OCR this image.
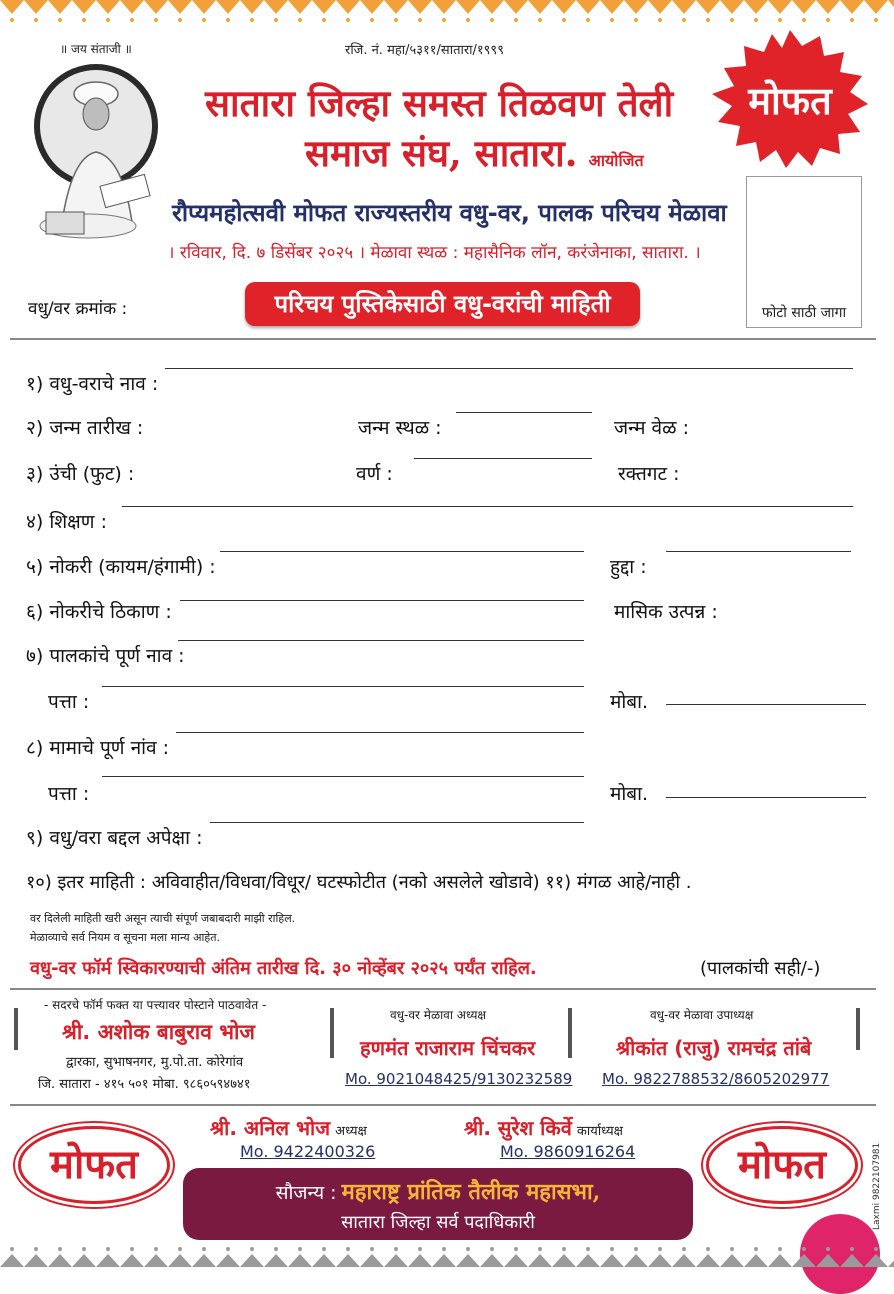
॥ जय संताजी ॥	रजि. नं. महा/५३११/सातारा/१९९९
सातारा जिल्हा समस्त तिळवण तेली
समाज संघ, सातारा. आयोजित
मोफत
फोटो साठी जागा
रौप्यमहोत्सवी मोफत राज्यस्तरीय वधु-वर, पालक परिचय मेळावा
। रविवार, दि. ७ डिसेंबर २०२५ । मेळावा स्थळ : महासैनिक लॉन, करंजेनाका, सातारा. ।
वधु/वर क्रमांक :	परिचय पुस्तिकेसाठी वधु-वरांची माहिती
१) वधु-वराचे नाव :
२) जन्म तारीख :	जन्म स्थळ :	जन्म वेळ :
३) उंची (फुट) :	वर्ण :	रक्तगट :
४) शिक्षण :
५) नोकरी (कायम/हंगामी) :	हुद्दा :
६) नोकरीचे ठिकाण :	मासिक उत्पन्न :
७) पालकांचे पूर्ण नाव :
पत्ता :	मोबा.
८) मामाचे पूर्ण नांव :
पत्ता :	मोबा.
९) वधु/वरा बद्दल अपेक्षा :
१०) इतर माहिती : अविवाहीत/विधवा/विधूर/ घटस्फोटीत (नको असलेले खोडावे) ११) मंगळ आहे/नाही .
वर दिलेली माहिती खरी असून त्याची संपूर्ण जबाबदारी माझी राहिल.
मेळाव्याचे सर्व नियम व सूचना मला मान्य आहेत.
वधु-वर फॉर्म स्विकारण्याची अंतिम तारीख दि. ३० नोव्हेंबर २०२५ पर्यंत राहिल.	(पालकांची सही/-)
- सदरचे फॉर्म फक्त या पत्त्यावर पोस्टाने पाठवावेत -
श्री. अशोक बाबुराव भोज
द्वारका, सुभाषनगर, मु.पो.ता. कोरेगांव
जि. सातारा - ४१५ ५०१ मोबा. ९८६०५९४७४१
वधु-वर मेळावा अध्यक्ष
हणमंत राजाराम चिंचकर
Mo. 9021048425/9130232589
वधु-वर मेळावा उपाध्यक्ष
श्रीकांत (राजु) रामचंद्र तांबे
Mo. 9822788532/8605202977
श्री. अनिल भोज अध्यक्ष
Mo. 9422400326
श्री. सुरेश किर्वे कार्याध्यक्ष
Mo. 9860916264
मोफत	मोफत
सौजन्य : महाराष्ट्र प्रांतिक तैलीक महासभा,
सातारा जिल्हा सर्व पदाधिकारी	Laxmi 9822107981
